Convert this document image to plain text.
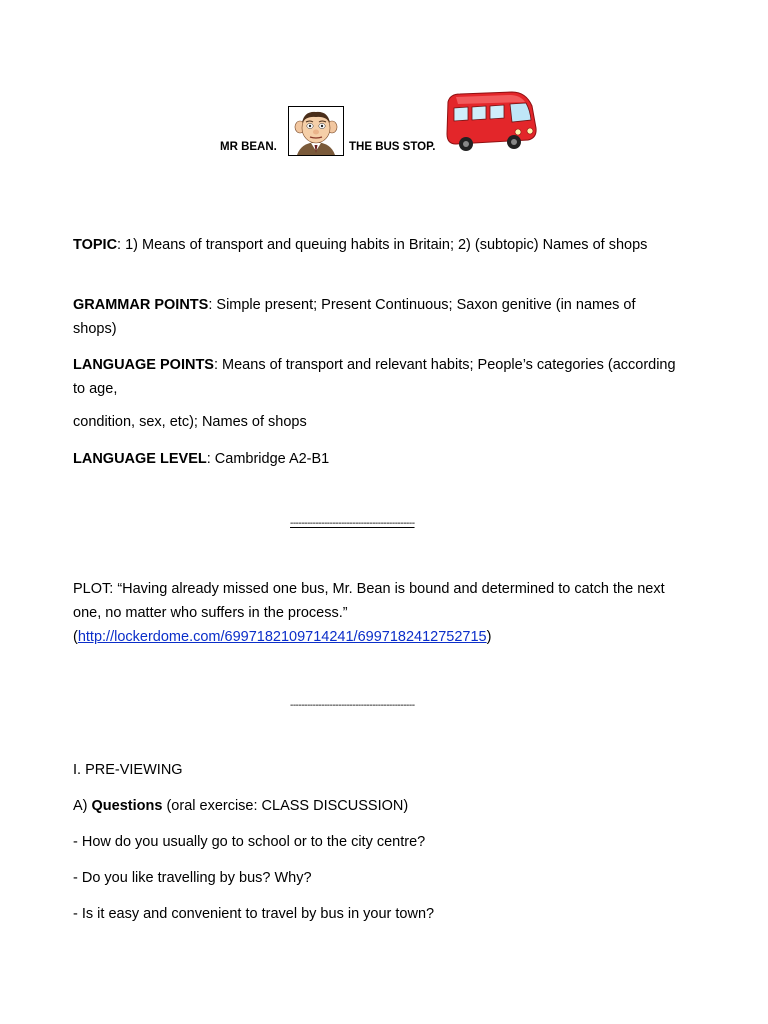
MR BEAN.	THE BUS STOP.
TOPIC: 1) Means of transport and queuing habits in Britain; 2) (subtopic) Names of shops
GRAMMAR POINTS: Simple present; Present Continuous; Saxon genitive (in names of shops)
LANGUAGE POINTS: Means of transport and relevant habits; People’s categories (according to age,
condition, sex, etc); Names of shops
LANGUAGE LEVEL: Cambridge A2-B1
--------------------------------------------
PLOT: “Having already missed one bus, Mr. Bean is bound and determined to catch the next one, no matter who suffers in the process.”
(http://lockerdome.com/6997182109714241/6997182412752715)
--------------------------------------------
I. PRE-VIEWING
A) Questions (oral exercise: CLASS DISCUSSION)
- How do you usually go to school or to the city centre?
- Do you like travelling by bus? Why?
- Is it easy and convenient to travel by bus in your town?
